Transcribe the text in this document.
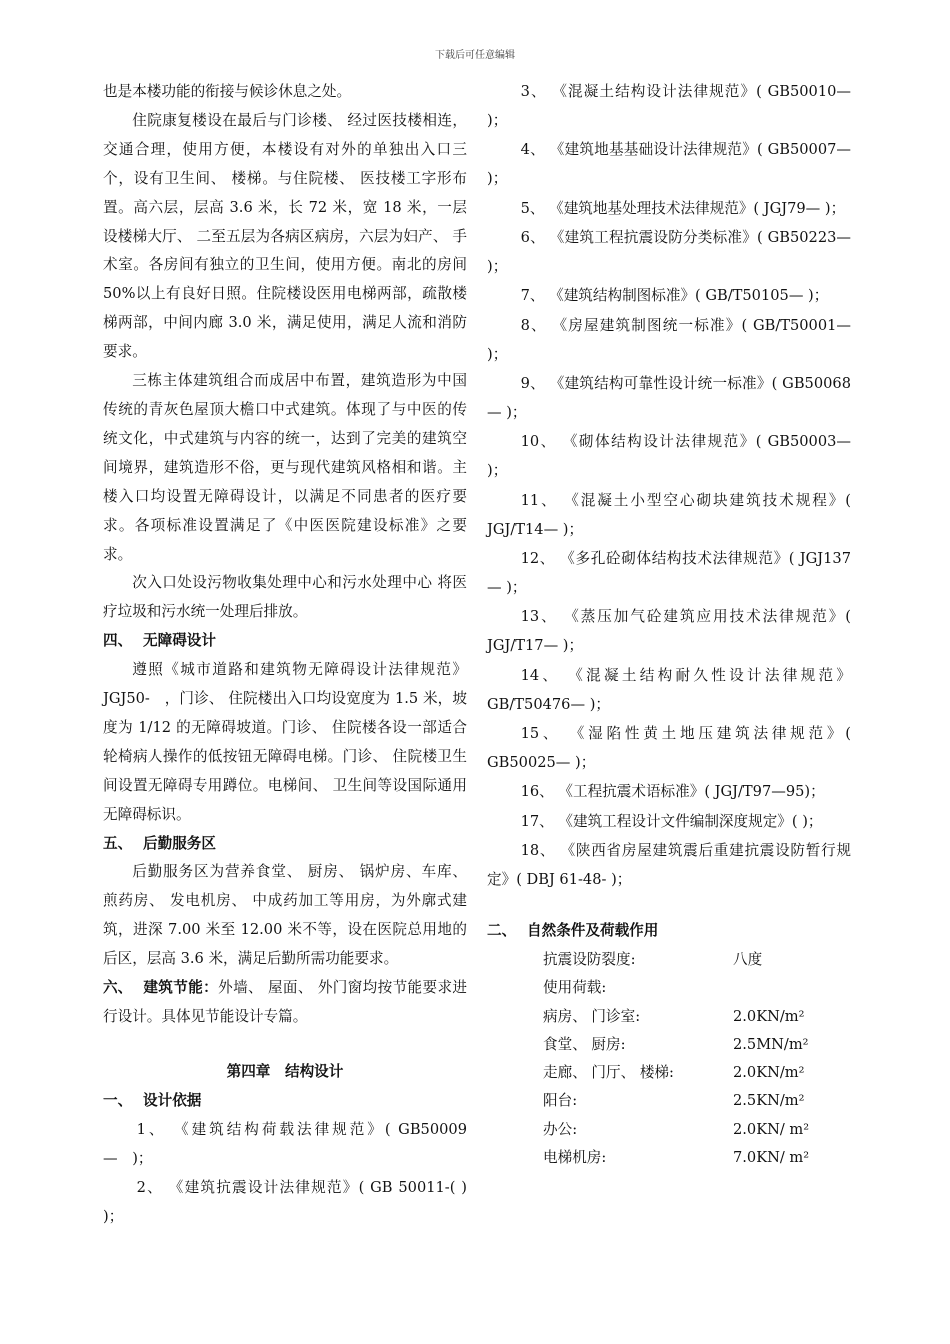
下载后可任意编辑

也是本楼功能的衔接与候诊休息之处。

住院康复楼设在最后与门诊楼、 经过医技楼相连，交通合理，使用方便，本楼设有对外的单独出入口三个，设有卫生间、 楼梯。与住院楼、 医技楼工字形布置。高六层，层高 3.6 米，长 72 米，宽 18 米，一层设楼梯大厅、 二至五层为各病区病房，六层为妇产、 手术室。各房间有独立的卫生间，使用方便。南北的房间 50%以上有良好日照。住院楼设医用电梯两部，疏散楼梯两部，中间内廊 3.0 米，满足使用，满足人流和消防要求。

三栋主体建筑组合而成居中布置，建筑造形为中国传统的青灰色屋顶大檐口中式建筑。体现了与中医的传统文化，中式建筑与内容的统一，达到了完美的建筑空间境界，建筑造形不俗，更与现代建筑风格相和谐。主楼入口均设置无障碍设计，以满足不同患者的医疗要求。各项标准设置满足了《中医医院建设标准》之要求。

次入口处设污物收集处理中心和污水处理中心 将医疗垃圾和污水统一处理后排放。

四、 无障碍设计

遵照《城市道路和建筑物无障碍设计法律规范》JGJ50-　，门诊、 住院楼出入口均设宽度为 1.5 米，坡度为 1/12 的无障碍坡道。门诊、 住院楼各设一部适合轮椅病人操作的低按钮无障碍电梯。门诊、 住院楼卫生间设置无障碍专用蹲位。电梯间、 卫生间等设国际通用无障碍标识。

五、 后勤服务区

后勤服务区为营养食堂、 厨房、 锅炉房、车库、 煎药房、 发电机房、 中成药加工等用房，为外廓式建筑，进深 7.00 米至 12.00 米不等，设在医院总用地的后区，层高 3.6 米，满足后勤所需功能要求。

六、 建筑节能：外墙、 屋面、 外门窗均按节能要求进行设计。具体见节能设计专篇。

第四章　结构设计

一、 设计依据

1、 《建筑结构荷载法律规范》( GB50009—　)；

2、 《建筑抗震设计法律规范》( GB 50011-( ) )；

3、 《混凝土结构设计法律规范》( GB50010— )；

4、 《建筑地基基础设计法律规范》( GB50007— )；

5、 《建筑地基处理技术法律规范》( JGJ79— )；

6、 《建筑工程抗震设防分类标准》( GB50223— )；

7、 《建筑结构制图标准》( GB/T50105— )；

8、 《房屋建筑制图统一标准》( GB/T50001— )；

9、 《建筑结构可靠性设计统一标准》( GB50068— )；

10、 《砌体结构设计法律规范》( GB50003— )；

11、 《混凝土小型空心砌块建筑技术规程》( JGJ/T14— )；

12、 《多孔砼砌体结构技术法律规范》( JGJ137— )；

13、 《蒸压加气砼建筑应用技术法律规范》( JGJ/T17— )；

14、 《混凝土结构耐久性设计法律规范》GB/T50476— )；

15、 《湿陷性黄土地压建筑法律规范》( GB50025— )；

16、 《工程抗震术语标准》( JGJ/T97—95)；

17、 《建筑工程设计文件编制深度规定》( )；

18、 《陕西省房屋建筑震后重建抗震设防暂行规定》( DBJ 61-48- )；

二、 自然条件及荷载作用

抗震设防裂度:	八度
使用荷载:
病房、 门诊室:	2.0KN/m²
食堂、 厨房:	2.5MN/m²
走廊、 门厅、 楼梯:	2.0KN/m²
阳台:	2.5KN/m²
办公:	2.0KN/ m²
电梯机房:	7.0KN/ m²
